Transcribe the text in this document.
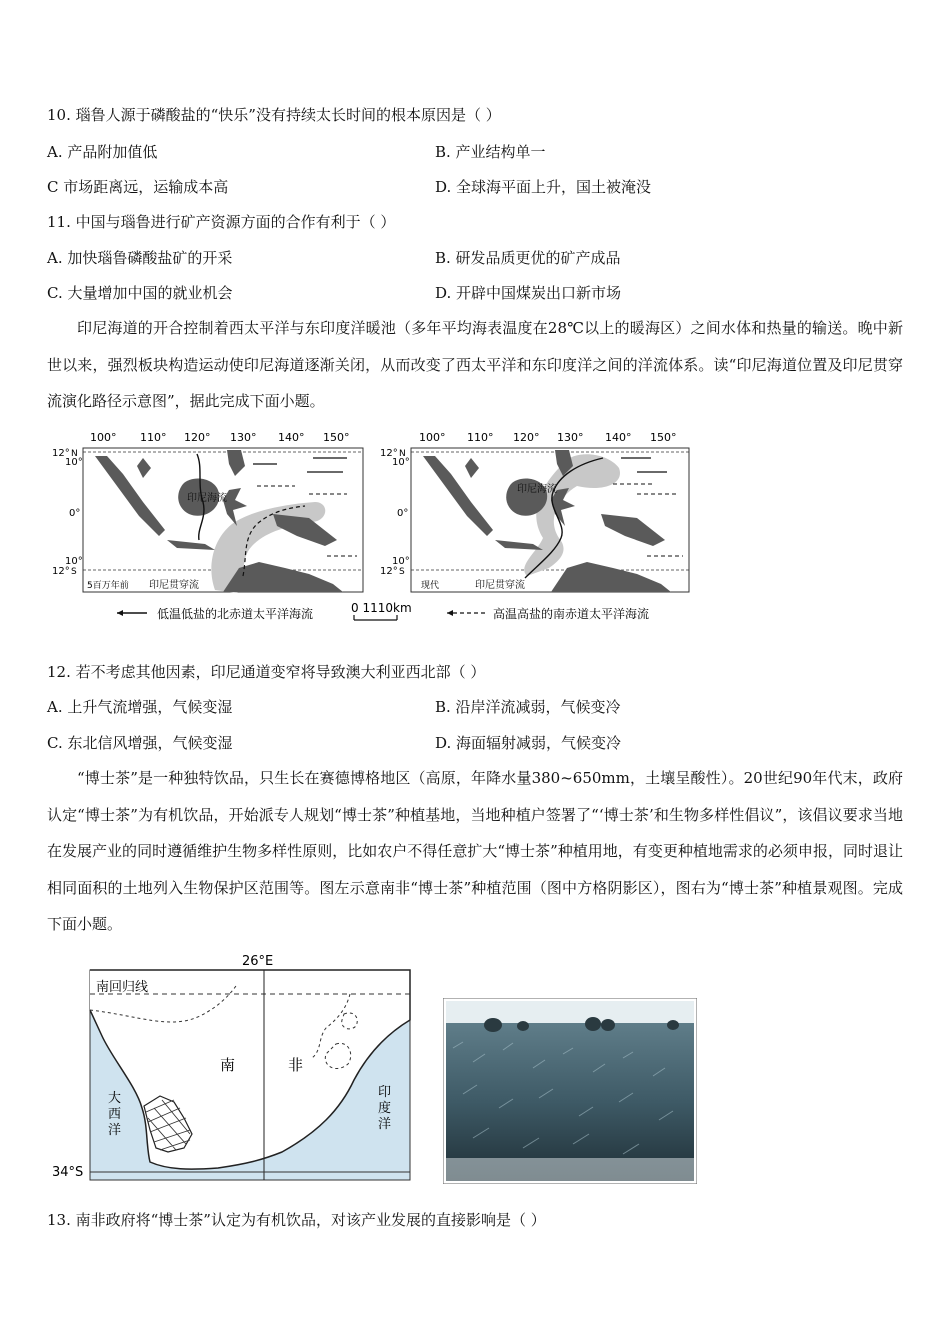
10. 瑙鲁人源于磷酸盐的“快乐”没有持续太长时间的根本原因是（ ）
A. 产品附加值低	B. 产业结构单一
C 市场距离远，运输成本高	D. 全球海平面上升，国土被淹没
11. 中国与瑙鲁进行矿产资源方面的合作有利于（ ）
A. 加快瑙鲁磷酸盐矿的开采	B. 研发品质更优的矿产成品
C. 大量增加中国的就业机会	D. 开辟中国煤炭出口新市场
印尼海道的开合控制着西太平洋与东印度洋暖池（多年平均海表温度在28℃以上的暖海区）之间水体和热量的输送。晚中新世以来，强烈板块构造运动使印尼海道逐渐关闭，从而改变了西太平洋和东印度洋之间的洋流体系。读“印尼海道位置及印尼贯穿流演化路径示意图”，据此完成下面小题。
100° 110° 120° 130° 140° 150°
12° N
10°
0°
10°
12° S
印尼海流
5百万年前 印尼贯穿流
100° 110° 120° 130° 140° 150°
12° N
10°
0°
10°
12° S
印尼海流
现代	印尼贯穿流
低温低盐的北赤道太平洋海流	0 1110km	高温高盐的南赤道太平洋海流
12. 若不考虑其他因素，印尼通道变窄将导致澳大利亚西北部（ ）
A. 上升气流增强，气候变湿	B. 沿岸洋流减弱，气候变冷
C. 东北信风增强，气候变湿	D. 海面辐射减弱，气候变冷
“博士茶”是一种独特饮品，只生长在赛德博格地区（高原，年降水量380~650mm，土壤呈酸性）。20世纪90年代末，政府认定“博士茶”为有机饮品，开始派专人规划“博士茶”种植基地，当地种植户签署了“‘博士茶’和生物多样性倡议”，该倡议要求当地在发展产业的同时遵循维护生物多样性原则，比如农户不得任意扩大“博士茶”种植用地，有变更种植地需求的必须申报，同时退让相同面积的土地列入生物保护区范围等。图左示意南非“博士茶”种植范围（图中方格阴影区），图右为“博士茶”种植景观图。完成下面小题。
26°E
南回归线
34°S
南	非
大
西
洋
印
度
洋
13. 南非政府将“博士茶”认定为有机饮品，对该产业发展的直接影响是（ ）
